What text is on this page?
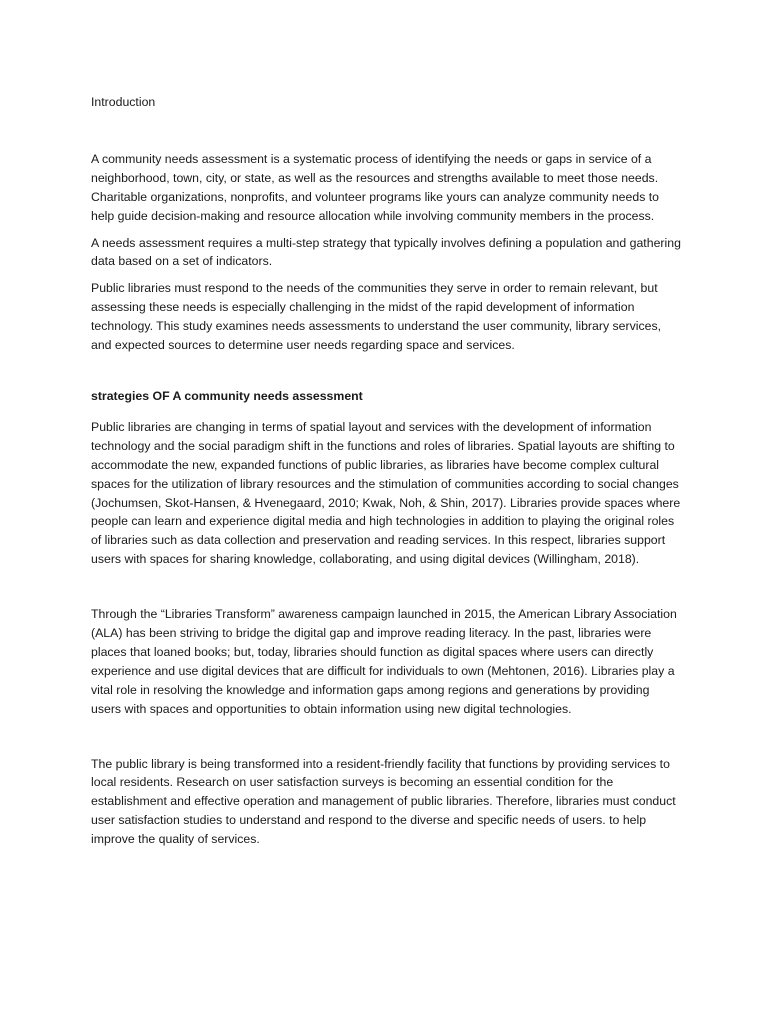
Introduction

A community needs assessment is a systematic process of identifying the needs or gaps in service of a neighborhood, town, city, or state, as well as the resources and strengths available to meet those needs. Charitable organizations, nonprofits, and volunteer programs like yours can analyze community needs to help guide decision-making and resource allocation while involving community members in the process.

A needs assessment requires a multi-step strategy that typically involves defining a population and gathering data based on a set of indicators.

Public libraries must respond to the needs of the communities they serve in order to remain relevant, but assessing these needs is especially challenging in the midst of the rapid development of information technology. This study examines needs assessments to understand the user community, library services, and expected sources to determine user needs regarding space and services.

strategies OF A community needs assessment

Public libraries are changing in terms of spatial layout and services with the development of information technology and the social paradigm shift in the functions and roles of libraries. Spatial layouts are shifting to accommodate the new, expanded functions of public libraries, as libraries have become complex cultural spaces for the utilization of library resources and the stimulation of communities according to social changes (Jochumsen, Skot-Hansen, & Hvenegaard, 2010; Kwak, Noh, & Shin, 2017). Libraries provide spaces where people can learn and experience digital media and high technologies in addition to playing the original roles of libraries such as data collection and preservation and reading services. In this respect, libraries support users with spaces for sharing knowledge, collaborating, and using digital devices (Willingham, 2018).

Through the “Libraries Transform” awareness campaign launched in 2015, the American Library Association (ALA) has been striving to bridge the digital gap and improve reading literacy. In the past, libraries were places that loaned books; but, today, libraries should function as digital spaces where users can directly experience and use digital devices that are difficult for individuals to own (Mehtonen, 2016). Libraries play a vital role in resolving the knowledge and information gaps among regions and generations by providing users with spaces and opportunities to obtain information using new digital technologies.

The public library is being transformed into a resident-friendly facility that functions by providing services to local residents. Research on user satisfaction surveys is becoming an essential condition for the establishment and effective operation and management of public libraries. Therefore, libraries must conduct user satisfaction studies to understand and respond to the diverse and specific needs of users. to help improve the quality of services.
